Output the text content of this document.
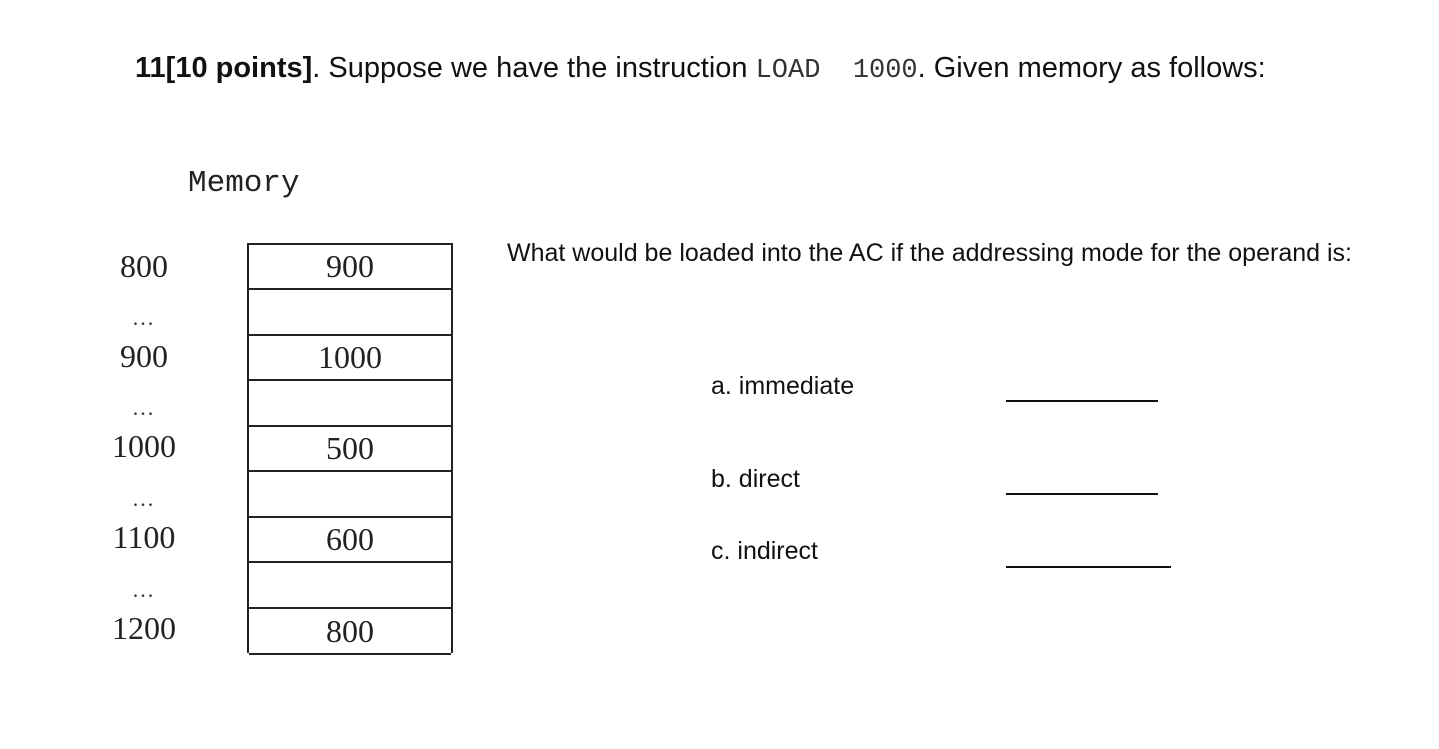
11[10 points]. Suppose we have the instruction LOAD  1000. Given memory as follows:
Memory
800
...
900
...
1000
...
1100
...
1200
900
1000
500
600
800
What would be loaded into the AC if the addressing mode for the operand is:
a. immediate
b. direct
c. indirect
